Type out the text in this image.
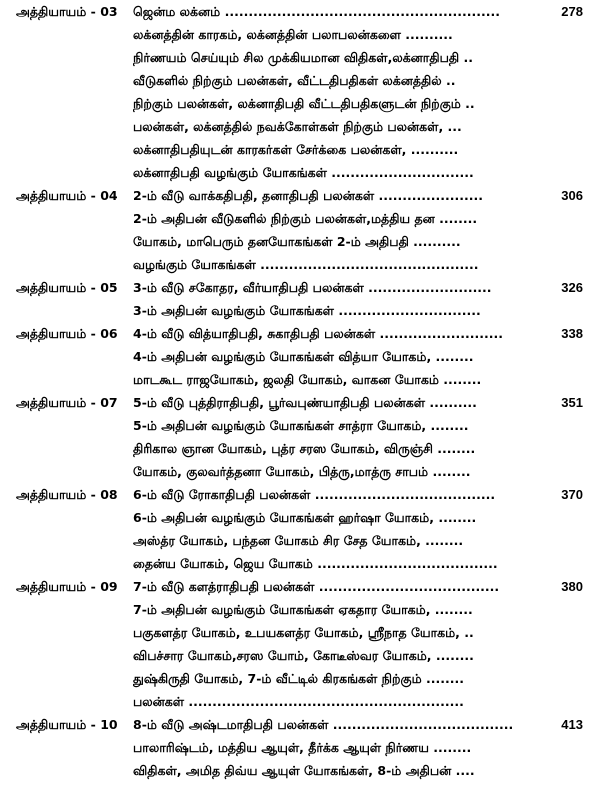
அத்தியாயம் - 03	ஜென்ம லக்னம் ..........................................................	278
லக்னத்தின் காரகம், லக்னத்தின் பலாபலன்களை ..........
நிர்ணயம் செய்யும் சில முக்கியமான விதிகள்,லக்னாதிபதி ..
வீடுகளில் நிற்கும் பலன்கள், வீட்டதிபதிகள் லக்னத்தில் ..
நிற்கும் பலன்கள், லக்னாதிபதி வீட்டதிபதிகளுடன் நிற்கும் ..
பலன்கள், லக்னத்தில் நவக்கோள்கள் நிற்கும் பலன்கள், ...
லக்னாதிபதியுடன் காரகர்கள் சேர்க்கை பலன்கள், ..........
லக்னாதிபதி வழங்கும் யோகங்கள் ..............................
அத்தியாயம் - 04	2-ம் வீடு வாக்கதிபதி, தனாதிபதி பலன்கள் ......................	306
2-ம் அதிபன் வீடுகளில் நிற்கும் பலன்கள்,மத்திய தன ........
யோகம், மாபெரும் தனயோகங்கள் 2-ம் அதிபதி ..........
வழங்கும் யோகங்கள் ..............................................
அத்தியாயம் - 05	3-ம் வீடு சகோதர, வீர்யாதிபதி பலன்கள் ..........................	326
3-ம் அதிபன் வழங்கும் யோகங்கள் ..............................
அத்தியாயம் - 06	4-ம் வீடு வித்யாதிபதி, சுகாதிபதி பலன்கள் ..........................	338
4-ம் அதிபன் வழங்கும் யோகங்கள் வித்யா யோகம், ........
மாடகூட ராஜயோகம், ஜலதி யோகம், வாகன யோகம் ........
அத்தியாயம் - 07	5-ம் வீடு புத்திராதிபதி, பூர்வபுண்யாதிபதி பலன்கள் ..........	351
5-ம் அதிபன் வழங்கும் யோகங்கள் சாத்ரா யோகம், ........
திரிகால ஞான யோகம், புத்ர சரஸ யோகம், விருஞ்சி ........
யோகம், குலவர்த்தனா யோகம், பித்ரு,மாத்ரு சாபம் ........
அத்தியாயம் - 08	6-ம் வீடு ரோகாதிபதி பலன்கள் ......................................	370
6-ம் அதிபன் வழங்கும் யோகங்கள் ஹர்ஷா யோகம், ........
அஸ்த்ர யோகம், பந்தன யோகம் சிர சேத யோகம், ........
தைன்ய யோகம், ஜெய யோகம் ......................................
அத்தியாயம் - 09	7-ம் வீடு களத்ராதிபதி பலன்கள் ......................................	380
7-ம் அதிபன் வழங்கும் யோகங்கள் ஏகதார யோகம், ........
பகுகளத்ர யோகம், உபயகளத்ர யோகம், ஸ்ரீநாத யோகம், ..
விபச்சார யோகம்,சரஸ யோம், கோடீஸ்வர யோகம், ........
துஷ்கிருதி யோகம், 7-ம் வீட்டில் கிரகங்கள் நிற்கும் ........
பலன்கள் ..........................................................
அத்தியாயம் - 10	8-ம் வீடு அஷ்டமாதிபதி பலன்கள் ......................................	413
பாலாரிஷ்டம், மத்திய ஆயுள், தீர்க்க ஆயுள் நிர்ணய ........
விதிகள், அமித திவ்ய ஆயுள் யோகங்கள், 8-ம் அதிபன் ....
